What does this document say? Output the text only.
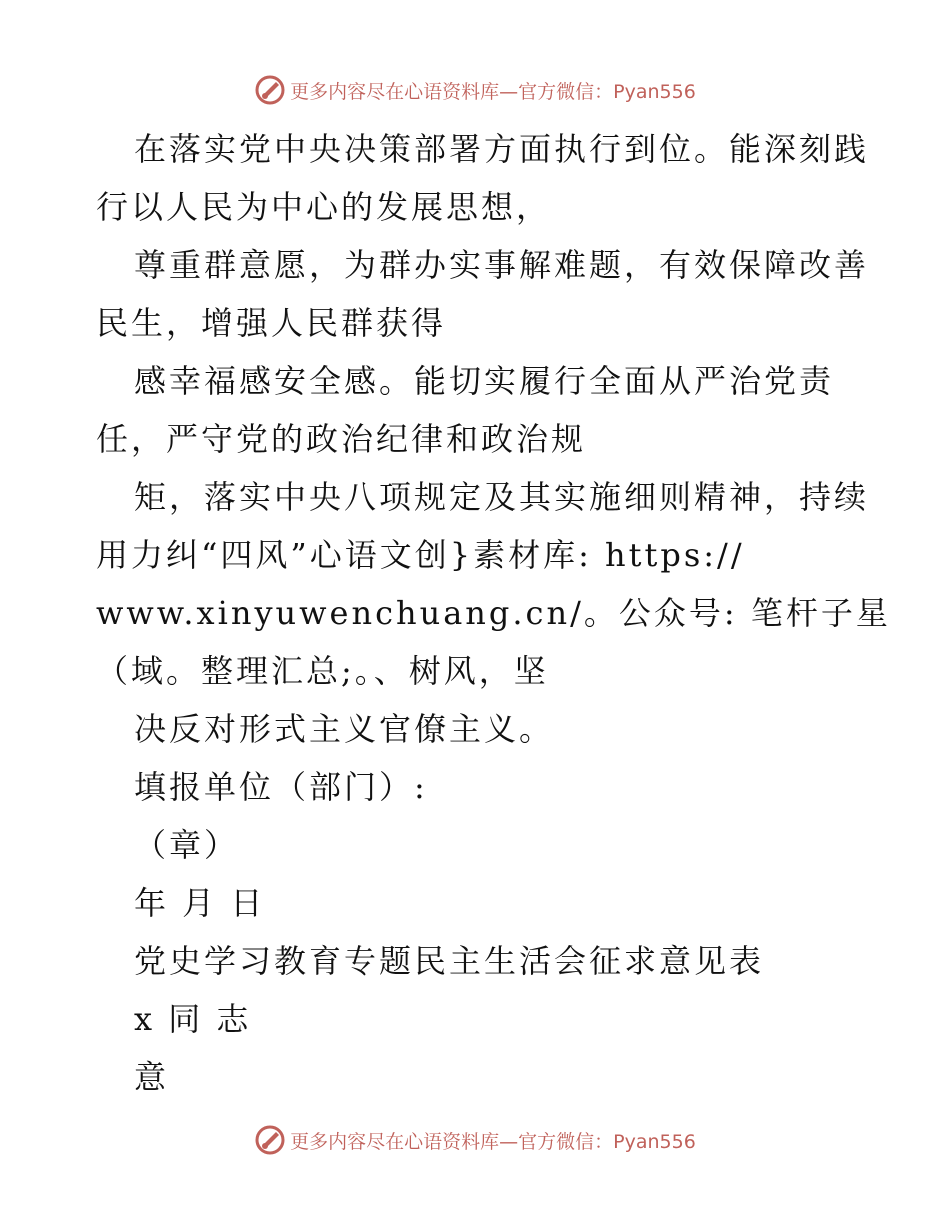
更多内容尽在心语资料库—官方微信：Pyan556
在落实党中央决策部署方面执行到位。能深刻践
行以人民为中心的发展思想，
尊重群意愿，为群办实事解难题，有效保障改善
民生，增强人民群获得
感幸福感安全感。能切实履行全面从严治党责
任，严守党的政治纪律和政治规
矩，落实中央八项规定及其实施细则精神，持续
用力纠“四风”心语文创}素材库: https://
www.xinyuwenchuang.cn/。公众号: 笔杆子星
（域。整理汇总;。、树风，坚
决反对形式主义官僚主义。
填报单位（部门）:
（章）
年 月 日
党史学习教育专题民主生活会征求意见表
x 同 志
意
更多内容尽在心语资料库—官方微信：Pyan556
